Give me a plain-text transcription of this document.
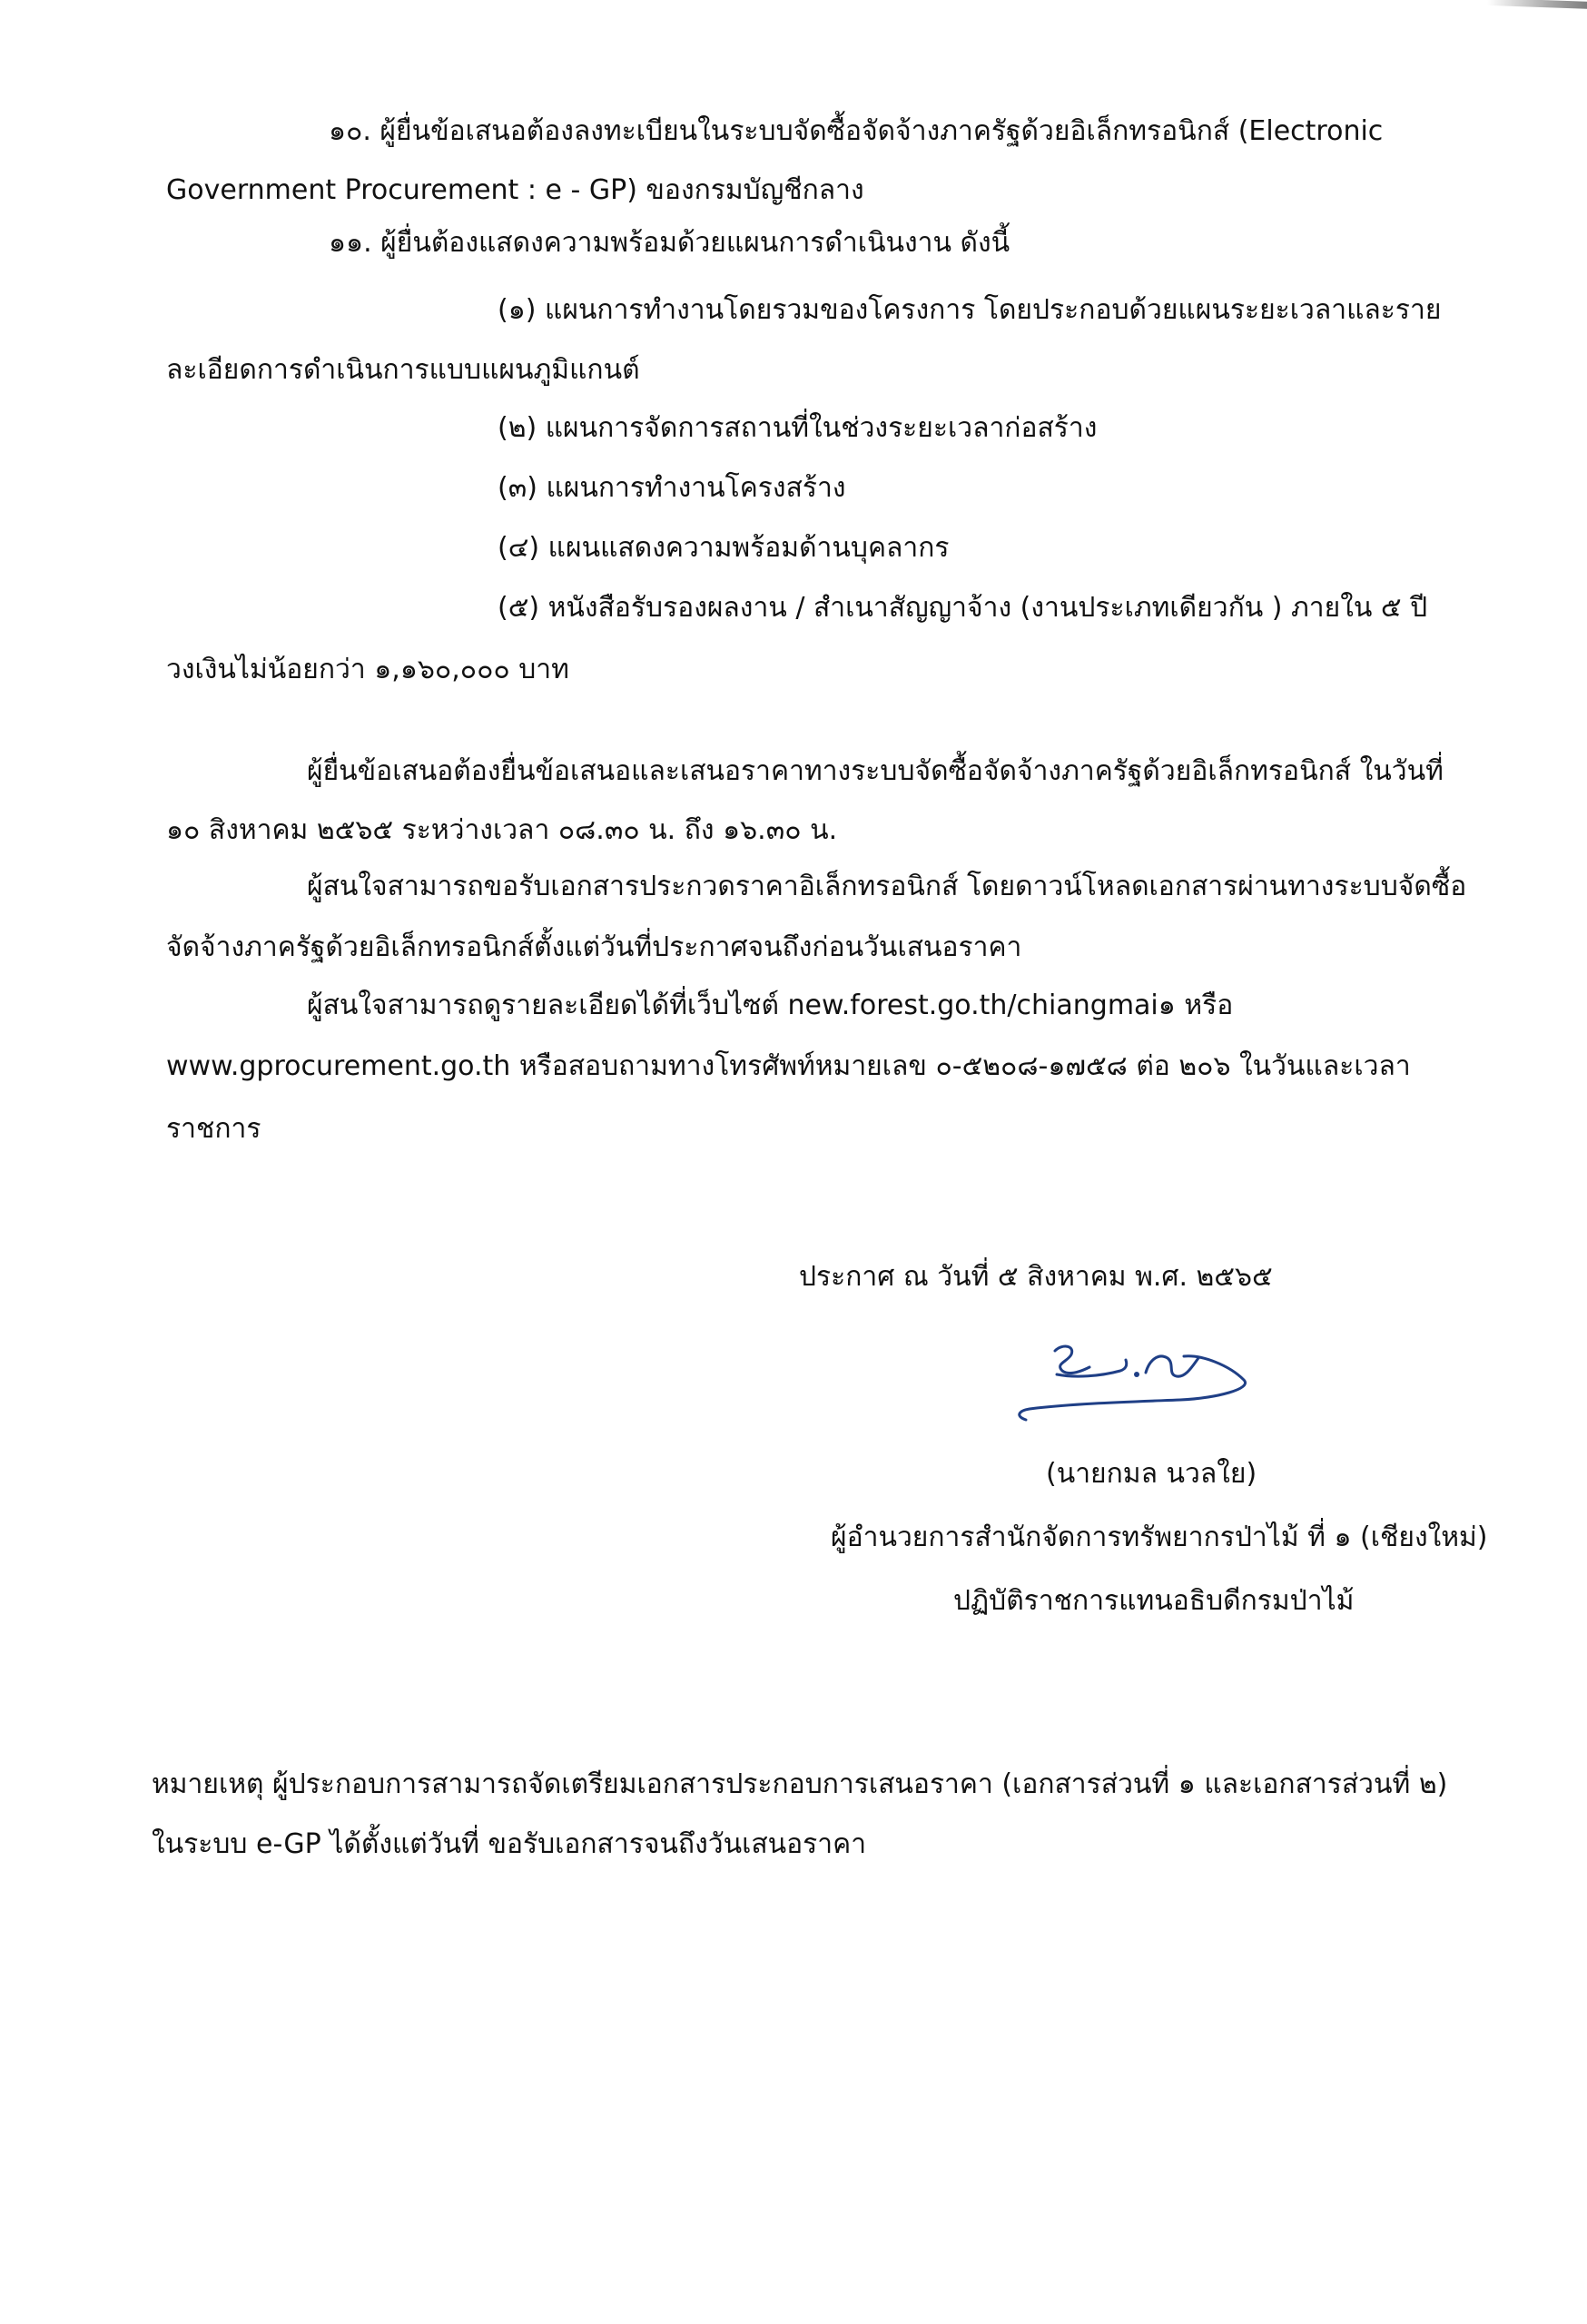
๑๐. ผู้ยื่นข้อเสนอต้องลงทะเบียนในระบบจัดซื้อจัดจ้างภาครัฐด้วยอิเล็กทรอนิกส์ (Electronic
Government Procurement : e - GP) ของกรมบัญชีกลาง
๑๑. ผู้ยื่นต้องแสดงความพร้อมด้วยแผนการดำเนินงาน ดังนี้
(๑) แผนการทำงานโดยรวมของโครงการ โดยประกอบด้วยแผนระยะเวลาและราย
ละเอียดการดำเนินการแบบแผนภูมิแกนต์
(๒) แผนการจัดการสถานที่ในช่วงระยะเวลาก่อสร้าง
(๓) แผนการทำงานโครงสร้าง
(๔) แผนแสดงความพร้อมด้านบุคลากร
(๕) หนังสือรับรองผลงาน / สำเนาสัญญาจ้าง (งานประเภทเดียวกัน ) ภายใน ๕ ปี
วงเงินไม่น้อยกว่า ๑,๑๖๐,๐๐๐ บาท
ผู้ยื่นข้อเสนอต้องยื่นข้อเสนอและเสนอราคาทางระบบจัดซื้อจัดจ้างภาครัฐด้วยอิเล็กทรอนิกส์ ในวันที่
๑๐ สิงหาคม ๒๕๖๕ ระหว่างเวลา ๐๘.๓๐ น. ถึง ๑๖.๓๐ น.
ผู้สนใจสามารถขอรับเอกสารประกวดราคาอิเล็กทรอนิกส์ โดยดาวน์โหลดเอกสารผ่านทางระบบจัดซื้อ
จัดจ้างภาครัฐด้วยอิเล็กทรอนิกส์ตั้งแต่วันที่ประกาศจนถึงก่อนวันเสนอราคา
ผู้สนใจสามารถดูรายละเอียดได้ที่เว็บไซต์ new.forest.go.th/chiangmai๑ หรือ
www.gprocurement.go.th หรือสอบถามทางโทรศัพท์หมายเลข ๐-๕๒๐๘-๑๗๕๘ ต่อ ๒๐๖ ในวันและเวลา
ราชการ
ประกาศ ณ วันที่ ๕ สิงหาคม พ.ศ. ๒๕๖๕
(นายกมล นวลใย)
ผู้อำนวยการสำนักจัดการทรัพยากรป่าไม้ ที่ ๑ (เชียงใหม่)
ปฏิบัติราชการแทนอธิบดีกรมป่าไม้
หมายเหตุ ผู้ประกอบการสามารถจัดเตรียมเอกสารประกอบการเสนอราคา (เอกสารส่วนที่ ๑ และเอกสารส่วนที่ ๒)
ในระบบ e-GP ได้ตั้งแต่วันที่ ขอรับเอกสารจนถึงวันเสนอราคา
